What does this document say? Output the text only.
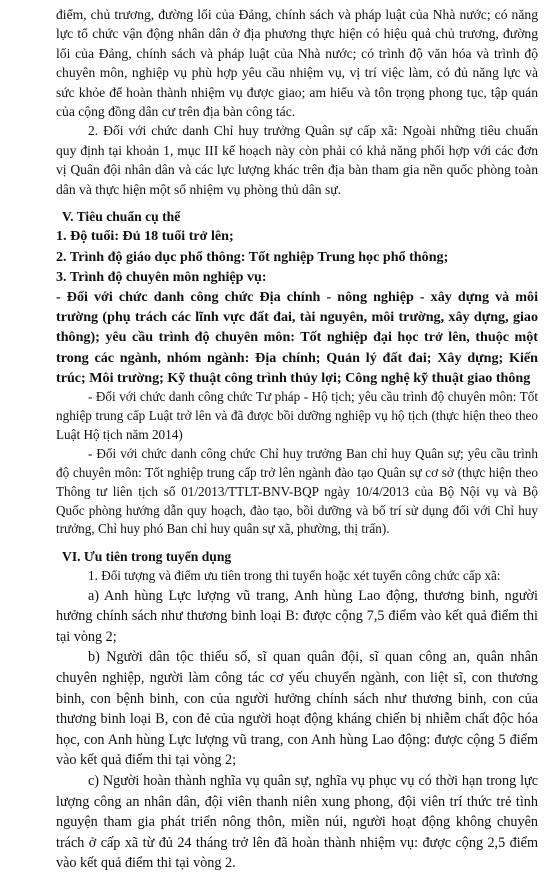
điểm, chủ trương, đường lối của Đảng, chính sách và pháp luật của Nhà nước; có năng lực tổ chức vận động nhân dân ở địa phương thực hiện có hiệu quả chủ trương, đường lối của Đảng, chính sách và pháp luật của Nhà nước; có trình độ văn hóa và trình độ chuyên môn, nghiệp vụ phù hợp yêu cầu nhiệm vụ, vị trí việc làm, có đủ năng lực và sức khỏe để hoàn thành nhiệm vụ được giao; am hiểu và tôn trọng phong tục, tập quán của cộng đồng dân cư trên địa bàn công tác.

2. Đối với chức danh Chỉ huy trưởng Quân sự cấp xã: Ngoài những tiêu chuẩn quy định tại khoản 1, mục III kế hoạch này còn phải có khả năng phối hợp với các đơn vị Quân đội nhân dân và các lực lượng khác trên địa bàn tham gia nền quốc phòng toàn dân và thực hiện một số nhiệm vụ phòng thủ dân sự.

V. Tiêu chuẩn cụ thể

1. Độ tuổi: Đủ 18 tuổi trở lên;

2. Trình độ giáo dục phổ thông: Tốt nghiệp Trung học phổ thông;

3. Trình độ chuyên môn nghiệp vụ:

- Đối với chức danh công chức Địa chính - nông nghiệp - xây dựng và môi trường (phụ trách các lĩnh vực đất đai, tài nguyên, môi trường, xây dựng, giao thông); yêu cầu trình độ chuyên môn: Tốt nghiệp đại học trở lên, thuộc một trong các ngành, nhóm ngành: Địa chính; Quản lý đất đai; Xây dựng; Kiến trúc; Môi trường; Kỹ thuật công trình thủy lợi; Công nghệ kỹ thuật giao thông

- Đối với chức danh công chức Tư pháp - Hộ tịch; yêu cầu trình độ chuyên môn: Tốt nghiệp trung cấp Luật trở lên và đã được bồi dưỡng nghiệp vụ hộ tịch (thực hiện theo theo Luật Hộ tịch năm 2014)

- Đối với chức danh công chức Chỉ huy trưởng Ban chỉ huy Quân sự; yêu cầu trình độ chuyên môn: Tốt nghiệp trung cấp trở lên ngành đào tạo Quân sự cơ sở (thực hiện theo Thông tư liên tịch số 01/2013/TTLT-BNV-BQP ngày 10/4/2013 của Bộ Nội vụ và Bộ Quốc phòng hướng dẫn quy hoạch, đào tạo, bồi dưỡng và bố trí sử dụng đối với Chỉ huy trưởng, Chỉ huy phó Ban chỉ huy quân sự xã, phường, thị trấn).

VI. Ưu tiên trong tuyển dụng

1. Đối tượng và điểm ưu tiên trong thi tuyển hoặc xét tuyển công chức cấp xã:

a) Anh hùng Lực lượng vũ trang, Anh hùng Lao động, thương binh, người hưởng chính sách như thương binh loại B: được cộng 7,5 điểm vào kết quả điểm thi tại vòng 2;

b) Người dân tộc thiểu số, sĩ quan quân đội, sĩ quan công an, quân nhân chuyên nghiệp, người làm công tác cơ yếu chuyển ngành, con liệt sĩ, con thương binh, con bệnh binh, con của người hưởng chính sách như thương binh, con của thương binh loại B, con đẻ của người hoạt động kháng chiến bị nhiễm chất độc hóa học, con Anh hùng Lực lượng vũ trang, con Anh hùng Lao động: được cộng 5 điểm vào kết quả điểm thi tại vòng 2;

c) Người hoàn thành nghĩa vụ quân sự, nghĩa vụ phục vụ có thời hạn trong lực lượng công an nhân dân, đội viên thanh niên xung phong, đội viên trí thức trẻ tình nguyện tham gia phát triển nông thôn, miền núi, người hoạt động không chuyên trách ở cấp xã từ đủ 24 tháng trở lên đã hoàn thành nhiệm vụ: được cộng 2,5 điểm vào kết quả điểm thi tại vòng 2.
